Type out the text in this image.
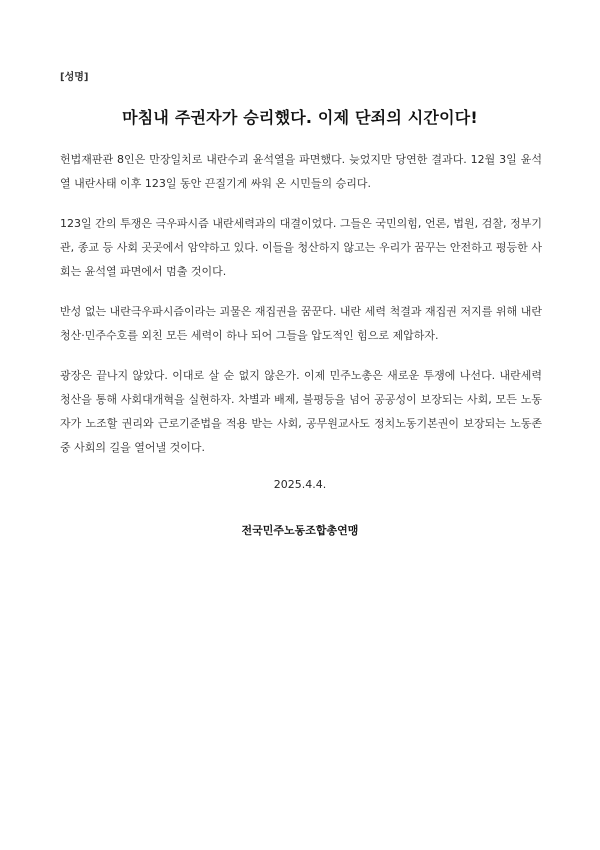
[성명]
마침내 주권자가 승리했다. 이제 단죄의 시간이다!

헌법재판관 8인은 만장일치로 내란수괴 윤석열을 파면했다. 늦었지만 당연한 결과다. 12월 3일 윤석열 내란사태 이후 123일 동안 끈질기게 싸워 온 시민들의 승리다.

123일 간의 투쟁은 극우파시즘 내란세력과의 대결이었다. 그들은 국민의힘, 언론, 법원, 검찰, 정부기관, 종교 등 사회 곳곳에서 암약하고 있다. 이들을 청산하지 않고는 우리가 꿈꾸는 안전하고 평등한 사회는 윤석열 파면에서 멈출 것이다.

반성 없는 내란극우파시즘이라는 괴물은 재집권을 꿈꾼다. 내란 세력 척결과 재집권 저지를 위해 내란청산·민주수호를 외친 모든 세력이 하나 되어 그들을 압도적인 힘으로 제압하자.

광장은 끝나지 않았다. 이대로 살 순 없지 않은가. 이제 민주노총은 새로운 투쟁에 나선다. 내란세력 청산을 통해 사회대개혁을 실현하자. 차별과 배제, 불평등을 넘어 공공성이 보장되는 사회, 모든 노동자가 노조할 권리와 근로기준법을 적용 받는 사회, 공무원교사도 정치노동기본권이 보장되는 노동존중 사회의 길을 열어낼 것이다.

2025.4.4.
전국민주노동조합총연맹
